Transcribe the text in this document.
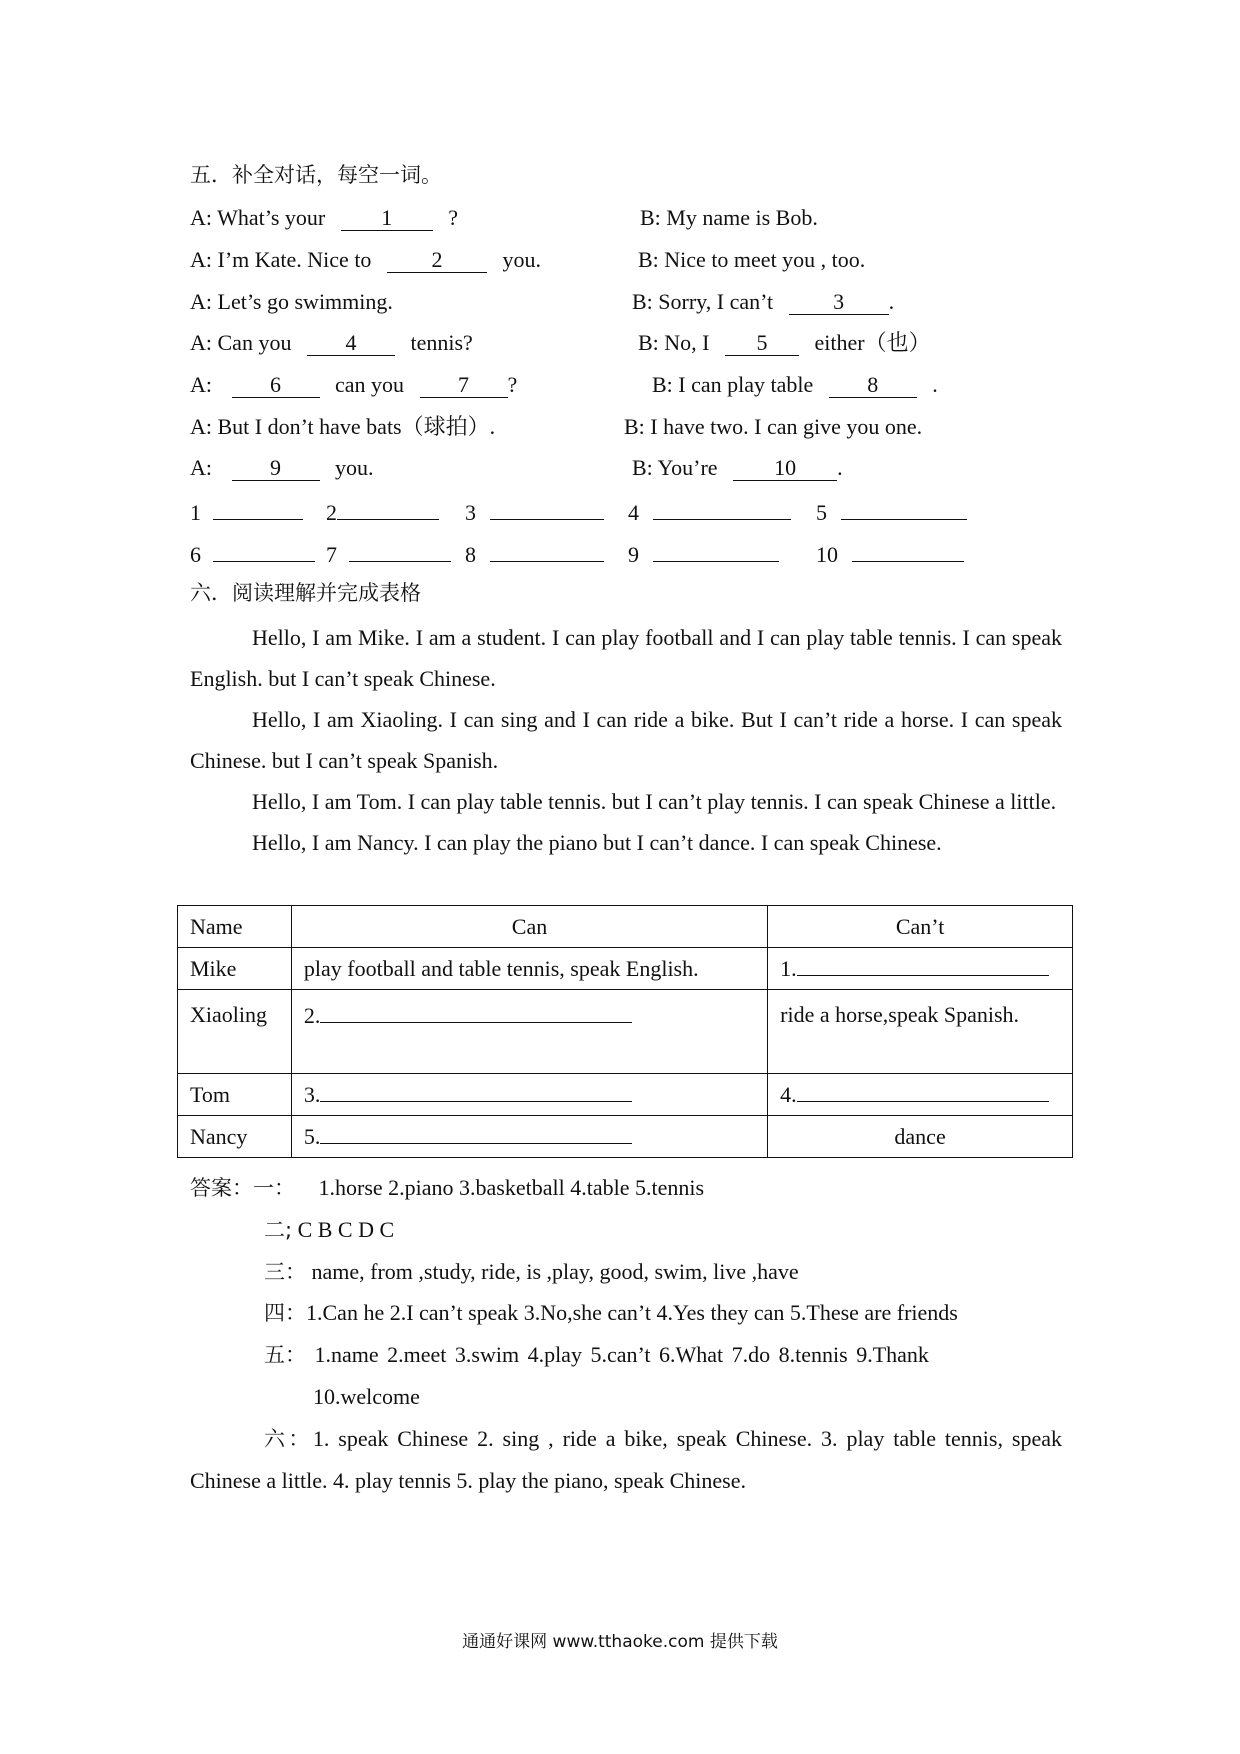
五．补全对话，每空一词。
A: What’s your	1	?	B: My name is Bob.
A: I’m Kate. Nice to	2	you.	B: Nice to meet you , too.
A: Let’s go swimming.	B: Sorry, I can’t	3 .
A: Can you 4 tennis?	B: No, I 5 either（也）
A:	6 can you 7 ?	B: I can play table 8 .
A: But I don’t have bats（球拍）.	B: I have two. I can give you one.
A:	9 you.	B: You’re	10 .
1	2	3	4	5
6	7	8	9	10
六．阅读理解并完成表格

Hello, I am Mike. I am a student. I can play football and I can play table tennis. I can speak English. but I can’t speak Chinese.

Hello, I am Xiaoling. I can sing and I can ride a bike. But I can’t ride a horse. I can speak Chinese. but I can’t speak Spanish.

Hello, I am Tom. I can play table tennis. but I can’t play tennis. I can speak Chinese a little.

Hello, I am Nancy. I can play the piano but I can’t dance. I can speak Chinese.

Name	Can	Can’t
Mike	play football and table tennis, speak English.	1.
Xiaoling	2.	ride a horse,speak Spanish.
Tom	3.	4.
Nancy	5.	dance
答案：一： 1.horse 2.piano 3.basketball 4.table 5.tennis
二; C B C D C
三： name, from ,study, ride, is ,play, good, swim, live ,have
四：1.Can he 2.I can’t speak 3.No,she can’t 4.Yes they can 5.These are friends
五： 1.name 2.meet 3.swim 4.play 5.can’t 6.What 7.do 8.tennis 9.Thank
10.welcome
六：1. speak Chinese 2. sing , ride a bike, speak Chinese. 3. play table tennis, speak Chinese a little. 4. play tennis 5. play the piano, speak Chinese.
通通好课网 www.tthaoke.com 提供下载
